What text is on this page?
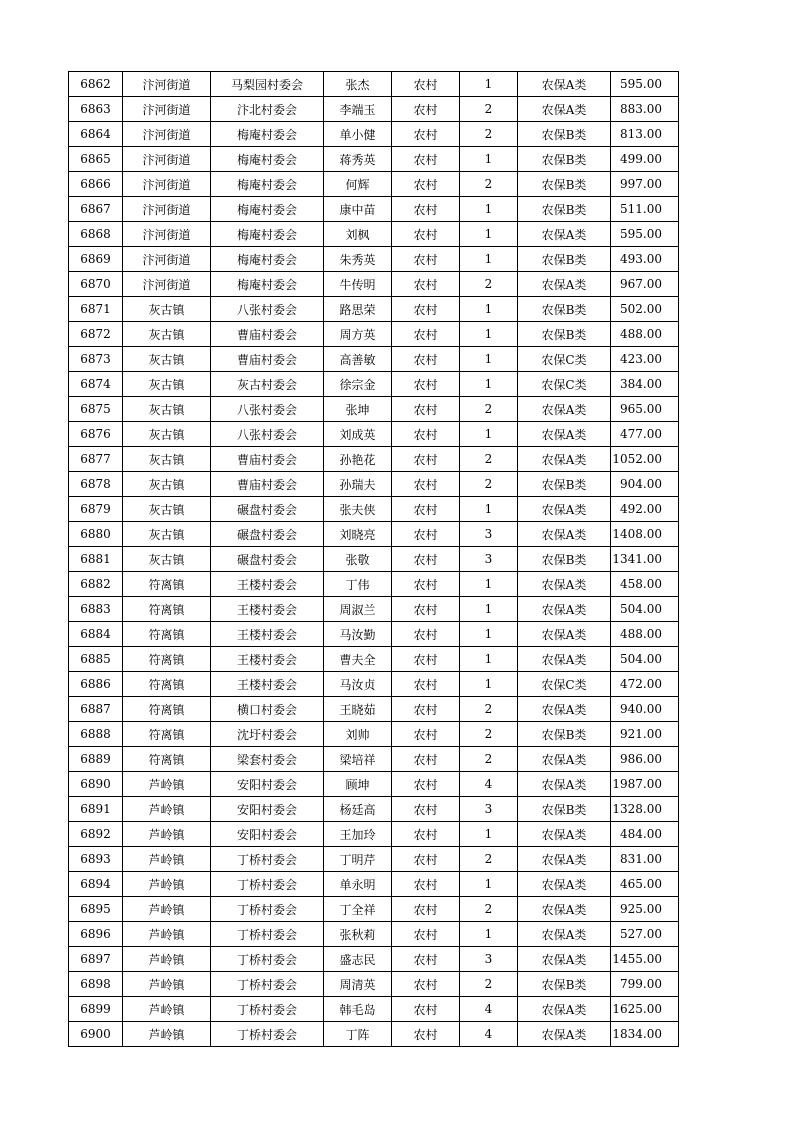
6862	汴河街道	马梨园村委会	张杰	农村	1	农保A类	595.00
6863	汴河街道	汴北村委会	李端玉	农村	2	农保A类	883.00
6864	汴河街道	梅庵村委会	单小健	农村	2	农保B类	813.00
6865	汴河街道	梅庵村委会	蒋秀英	农村	1	农保B类	499.00
6866	汴河街道	梅庵村委会	何辉	农村	2	农保B类	997.00
6867	汴河街道	梅庵村委会	康中苗	农村	1	农保B类	511.00
6868	汴河街道	梅庵村委会	刘枫	农村	1	农保A类	595.00
6869	汴河街道	梅庵村委会	朱秀英	农村	1	农保B类	493.00
6870	汴河街道	梅庵村委会	牛传明	农村	2	农保A类	967.00
6871	灰古镇	八张村委会	路思荣	农村	1	农保B类	502.00
6872	灰古镇	曹庙村委会	周方英	农村	1	农保B类	488.00
6873	灰古镇	曹庙村委会	高善敏	农村	1	农保C类	423.00
6874	灰古镇	灰古村委会	徐宗金	农村	1	农保C类	384.00
6875	灰古镇	八张村委会	张坤	农村	2	农保A类	965.00
6876	灰古镇	八张村委会	刘成英	农村	1	农保A类	477.00
6877	灰古镇	曹庙村委会	孙艳花	农村	2	农保A类	1052.00
6878	灰古镇	曹庙村委会	孙瑞夫	农村	2	农保B类	904.00
6879	灰古镇	碾盘村委会	张夫侠	农村	1	农保A类	492.00
6880	灰古镇	碾盘村委会	刘晓亮	农村	3	农保A类	1408.00
6881	灰古镇	碾盘村委会	张敬	农村	3	农保B类	1341.00
6882	符离镇	王楼村委会	丁伟	农村	1	农保A类	458.00
6883	符离镇	王楼村委会	周淑兰	农村	1	农保A类	504.00
6884	符离镇	王楼村委会	马汝勤	农村	1	农保A类	488.00
6885	符离镇	王楼村委会	曹夫全	农村	1	农保A类	504.00
6886	符离镇	王楼村委会	马汝贞	农村	1	农保C类	472.00
6887	符离镇	横口村委会	王晓茹	农村	2	农保A类	940.00
6888	符离镇	沈圩村委会	刘帅	农村	2	农保B类	921.00
6889	符离镇	梁套村委会	梁培祥	农村	2	农保A类	986.00
6890	芦岭镇	安阳村委会	顾坤	农村	4	农保A类	1987.00
6891	芦岭镇	安阳村委会	杨廷高	农村	3	农保B类	1328.00
6892	芦岭镇	安阳村委会	王加玲	农村	1	农保A类	484.00
6893	芦岭镇	丁桥村委会	丁明芹	农村	2	农保A类	831.00
6894	芦岭镇	丁桥村委会	单永明	农村	1	农保A类	465.00
6895	芦岭镇	丁桥村委会	丁全祥	农村	2	农保A类	925.00
6896	芦岭镇	丁桥村委会	张秋莉	农村	1	农保A类	527.00
6897	芦岭镇	丁桥村委会	盛志民	农村	3	农保A类	1455.00
6898	芦岭镇	丁桥村委会	周清英	农村	2	农保B类	799.00
6899	芦岭镇	丁桥村委会	韩毛岛	农村	4	农保A类	1625.00
6900	芦岭镇	丁桥村委会	丁阵	农村	4	农保A类	1834.00
